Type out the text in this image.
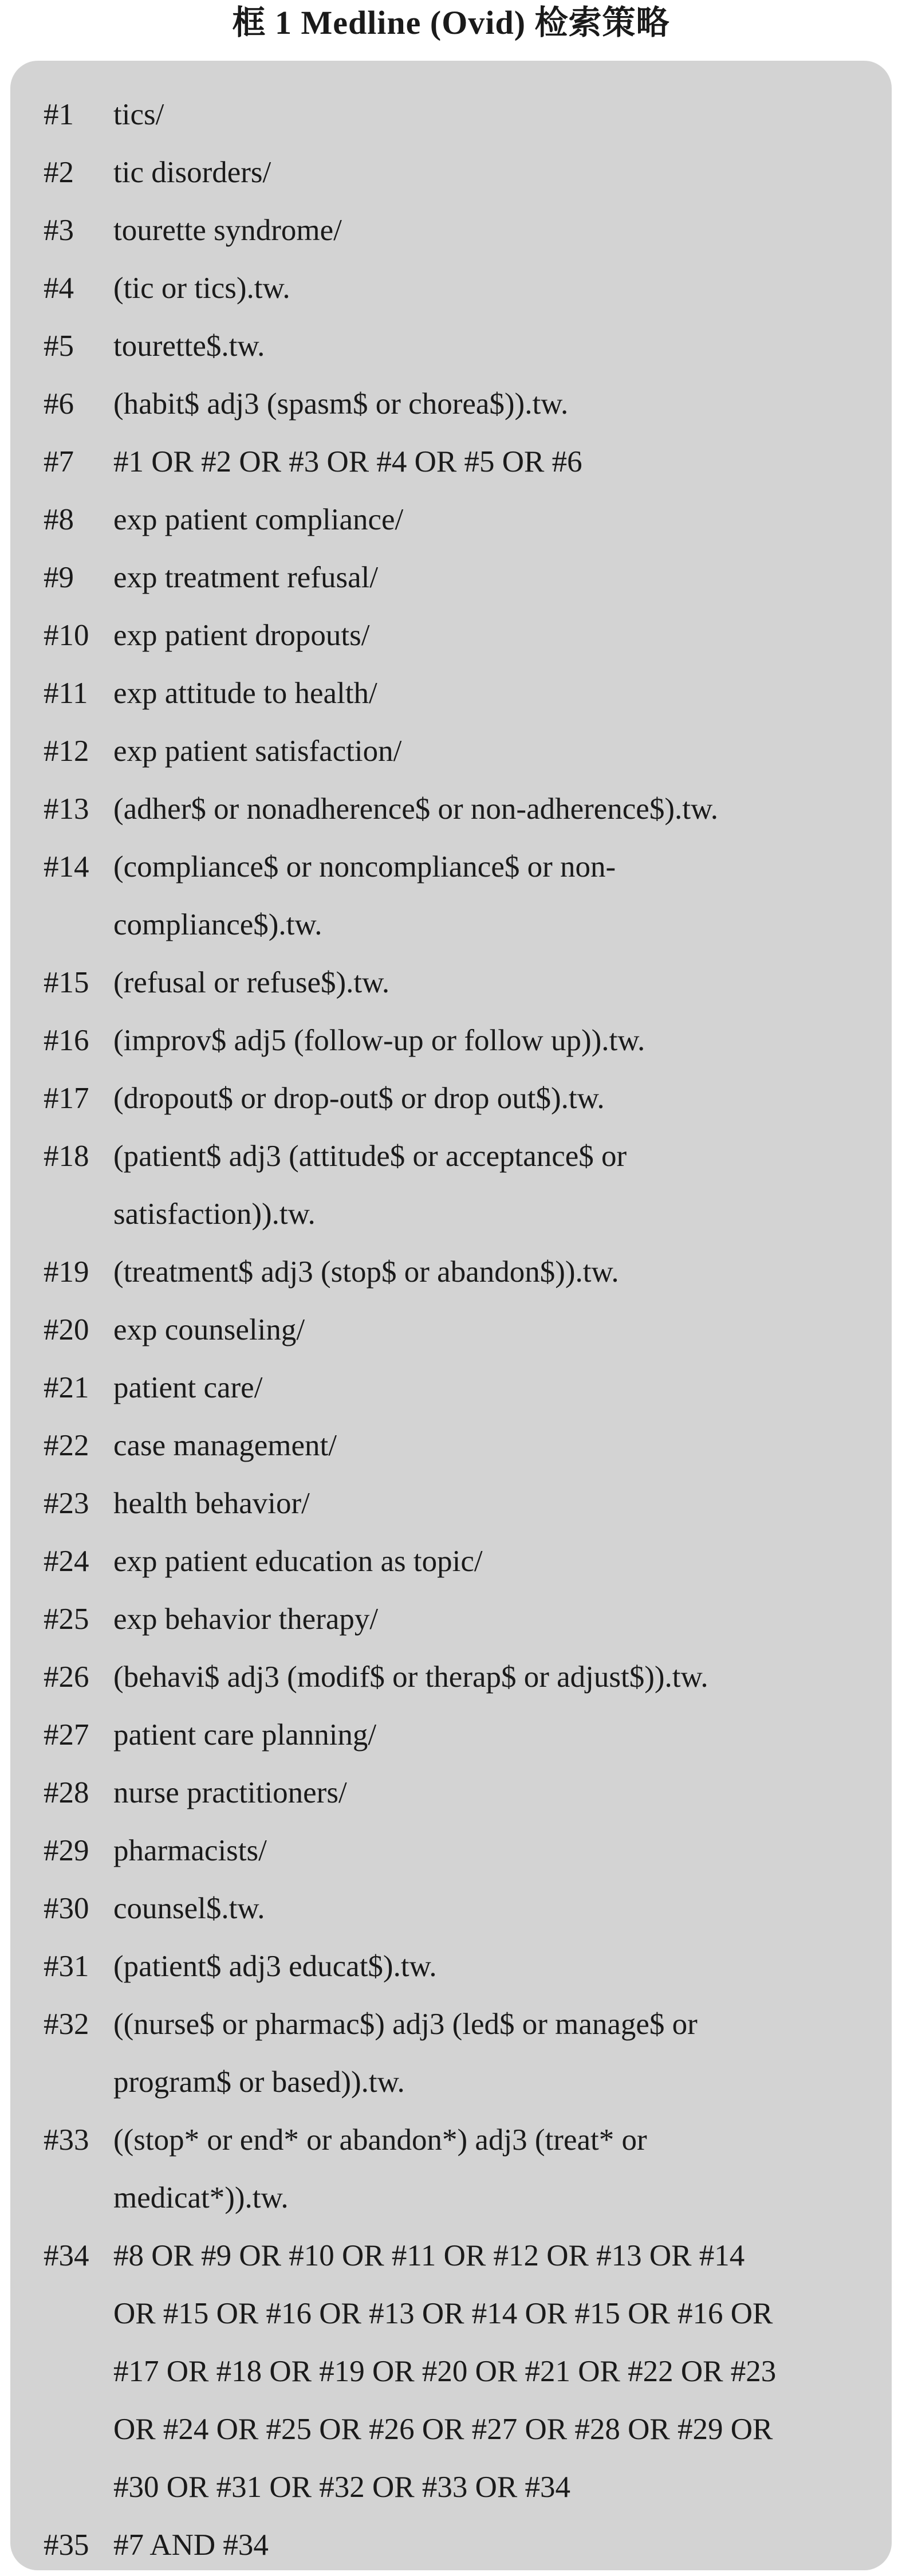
框 1 Medline (Ovid) 检索策略
#1	tics/
#2	tic disorders/
#3	tourette syndrome/
#4	(tic or tics).tw.
#5	tourette$.tw.
#6	(habit$ adj3 (spasm$ or chorea$)).tw.
#7	#1 OR #2 OR #3 OR #4 OR #5 OR #6
#8	exp patient compliance/
#9	exp treatment refusal/
#10 exp patient dropouts/
#11 exp attitude to health/
#12 exp patient satisfaction/
#13 (adher$ or nonadherence$ or non-adherence$).tw.
#14 (compliance$ or noncompliance$ or non-
compliance$).tw.
#15 (refusal or refuse$).tw.
#16 (improv$ adj5 (follow-up or follow up)).tw.
#17 (dropout$ or drop-out$ or drop out$).tw.
#18 (patient$ adj3 (attitude$ or acceptance$ or
satisfaction)).tw.
#19 (treatment$ adj3 (stop$ or abandon$)).tw.
#20 exp counseling/
#21 patient care/
#22 case management/
#23 health behavior/
#24 exp patient education as topic/
#25 exp behavior therapy/
#26 (behavi$ adj3 (modif$ or therap$ or adjust$)).tw.
#27 patient care planning/
#28 nurse practitioners/
#29 pharmacists/
#30 counsel$.tw.
#31 (patient$ adj3 educat$).tw.
#32 ((nurse$ or pharmac$) adj3 (led$ or manage$ or
program$ or based)).tw.
#33 ((stop* or end* or abandon*) adj3 (treat* or
medicat*)).tw.
#34 #8 OR #9 OR #10 OR #11 OR #12 OR #13 OR #14
OR #15 OR #16 OR #13 OR #14 OR #15 OR #16 OR
#17 OR #18 OR #19 OR #20 OR #21 OR #22 OR #23
OR #24 OR #25 OR #26 OR #27 OR #28 OR #29 OR
#30 OR #31 OR #32 OR #33 OR #34
#35 #7 AND #34
